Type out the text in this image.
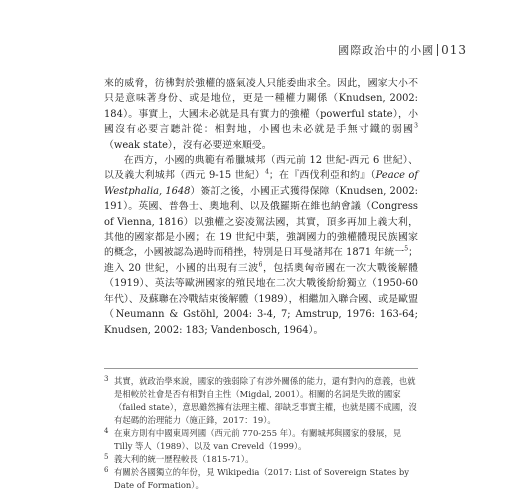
國際政治中的小國 013

來的威脅，彷彿對於強權的盛氣凌人只能委曲求全。因此，國家大小不只是意味著身份、或是地位，更是一種權力關係（Knudsen, 2002: 184）。事實上，大國未必就是具有實力的強權（powerful state），小國沒有必要言聽計從：相對地，小國也未必就是手無寸鐵的弱國$^3$（weak state），沒有必要逆來順受。

在西方，小國的典範有希臘城邦（西元前 12 世紀-西元 6 世紀）、以及義大利城邦（西元 9-15 世紀）$^4$；在『西伐利亞和約』（Peace of Westphalia, 1648）簽訂之後，小國正式獲得保障（Knudsen, 2002: 191）。英國、普魯士、奧地利、以及俄羅斯在維也納會議（Congress of Vienna, 1816）以強權之姿凌駕法國，其實，頂多再加上義大利，其他的國家都是小國；在 19 世紀中葉，強調國力的強權體現民族國家的概念，小國被認為過時而稍挫，特別是日耳曼諸邦在 1871 年統一$^5$；進入 20 世紀，小國的出現有三波$^6$，包括奧匈帝國在一次大戰後解體（1919）、英法等歐洲國家的殖民地在二次大戰後紛紛獨立（1950-60 年代）、及蘇聯在冷戰結束後解體（1989），相繼加入聯合國、或是歐盟（Neumann & Gstöhl, 2004: 3-4, 7; Amstrup, 1976: 163-64; Knudsen, 2002: 183; Vandenbosch, 1964）。

3 其實，就政治學來說，國家的強弱除了有涉外關係的能力，還有對內的意義，也就是相較於社會是否有相對自主性（Migdal, 2001）。相關的名詞是失敗的國家（failed state），意思雖然擁有法理主權、卻缺乏事實主權，也就是國不成國，沒有起碼的治理能力（施正鋒，2017：19）。
4 在東方則有中國東周列國（西元前 770-255 年）。有關城邦與國家的發展，見 Tilly 等人（1989）、以及 van Creveld（1999）。
5 義大利的統一歷程較長（1815-71）。
6 有關於各國獨立的年份，見 Wikipedia（2017: List of Sovereign States by Date of Formation）。
